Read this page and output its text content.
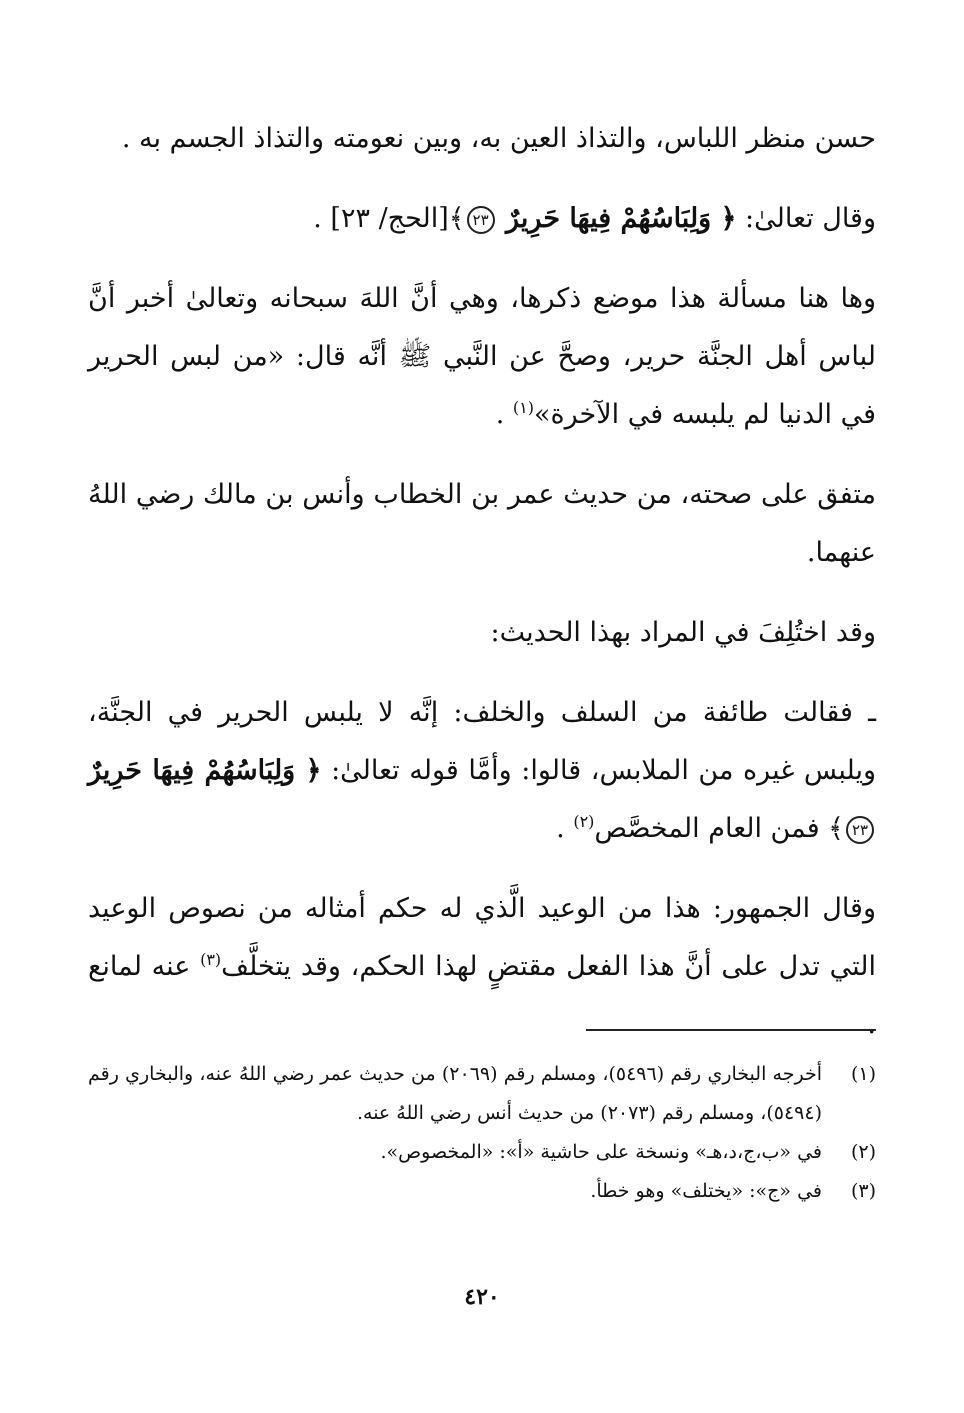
حسن منظر اللباس، والتذاذ العين به، وبين نعومته والتذاذ الجسم به .

وقال تعالىٰ: ﴿ وَلِبَاسُهُمْ فِيهَا حَرِيرٌ ٢٣﴾[الحج/ ٢٣] .

وها هنا مسألة هذا موضع ذكرها، وهي أنَّ اللهَ سبحانه وتعالىٰ أخبر أنَّ لباس أهل الجنَّة حرير، وصحَّ عن النَّبي ﷺ أنَّه قال: «من لبس الحرير في الدنيا لم يلبسه في الآخرة»$^{(١)}$ .

متفق على صحته، من حديث عمر بن الخطاب وأنس بن مالك رضي اللهُ عنهما.

وقد اختُلِفَ في المراد بهذا الحديث:

ـ فقالت طائفة من السلف والخلف: إنَّه لا يلبس الحرير في الجنَّة، ويلبس غيره من الملابس، قالوا: وأمَّا قوله تعالىٰ: ﴿ وَلِبَاسُهُمْ فِيهَا حَرِيرٌ ٢٣﴾ فمن العام المخصَّص$^{(٢)}$ .

وقال الجمهور: هذا من الوعيد الَّذي له حكم أمثاله من نصوص الوعيد التي تدل على أنَّ هذا الفعل مقتضٍ لهذا الحكم، وقد يتخلَّف$^{(٣)}$ عنه لمانع .

(١)
أخرجه البخاري رقم (٥٤٩٦)، ومسلم رقم (٢٠٦٩) من حديث عمر رضي اللهُ عنه، والبخاري رقم (٥٤٩٤)، ومسلم رقم (٢٠٧٣) من حديث أنس رضي اللهُ عنه.
(٢)
في «ب،ج،د،هـ» ونسخة على حاشية «أ»: «المخصوص».
(٣)
في «ج»: «يختلف» وهو خطأ.
٤٢٠
